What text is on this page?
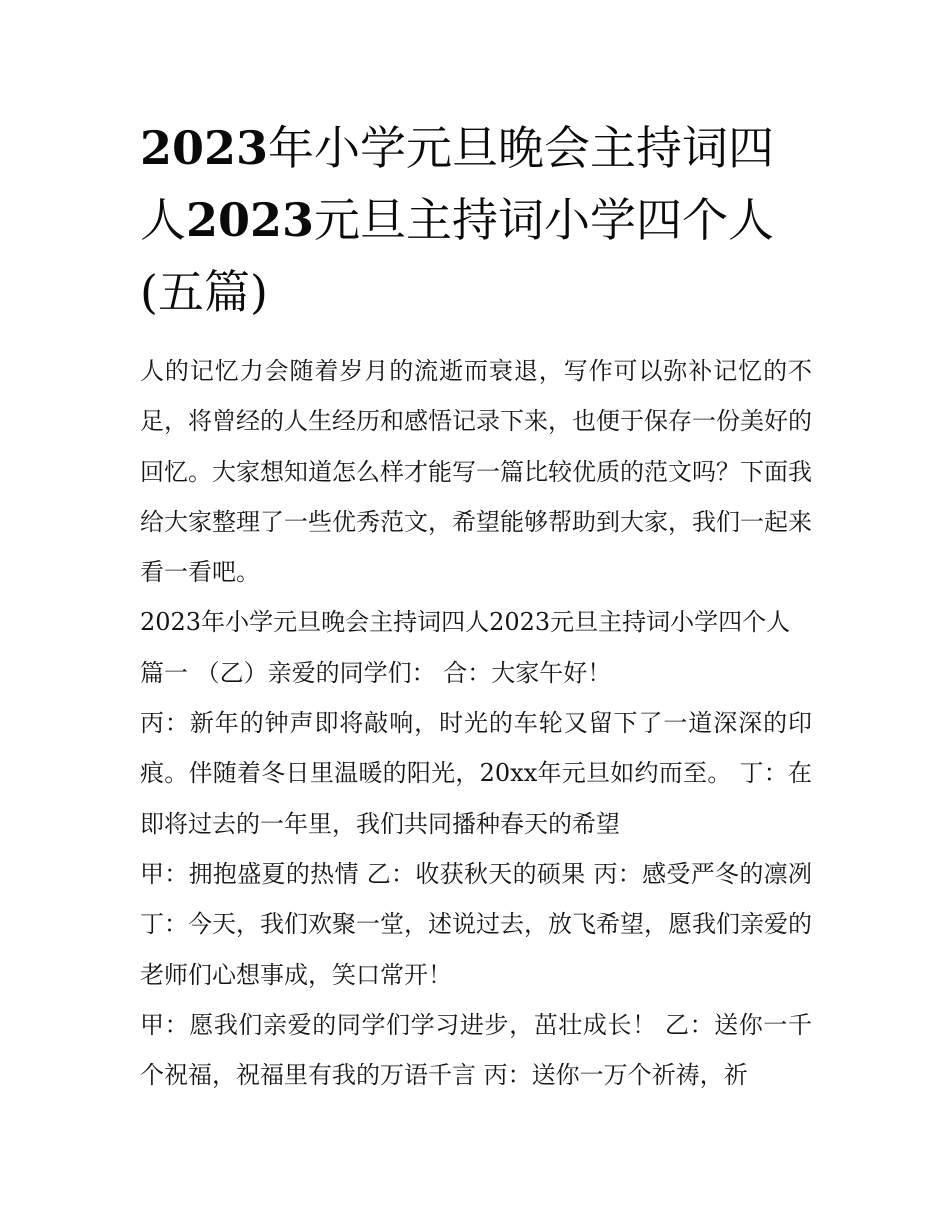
2023年小学元旦晚会主持词四人2023元旦主持词小学四个人(五篇)

人的记忆力会随着岁月的流逝而衰退，写作可以弥补记忆的不足，将曾经的人生经历和感悟记录下来，也便于保存一份美好的回忆。大家想知道怎么样才能写一篇比较优质的范文吗？下面我给大家整理了一些优秀范文，希望能够帮助到大家，我们一起来看一看吧。

2023年小学元旦晚会主持词四人2023元旦主持词小学四个人

篇一 （乙）亲爱的同学们： 合：大家午好！

丙：新年的钟声即将敲响，时光的车轮又留下了一道深深的印痕。伴随着冬日里温暖的阳光，20xx年元旦如约而至。 丁：在即将过去的一年里，我们共同播种春天的希望

甲：拥抱盛夏的热情 乙：收获秋天的硕果 丙：感受严冬的凛冽 丁：今天，我们欢聚一堂，述说过去，放飞希望，愿我们亲爱的老师们心想事成，笑口常开！

甲：愿我们亲爱的同学们学习进步，茁壮成长！ 乙：送你一千个祝福，祝福里有我的万语千言 丙：送你一万个祈祷，祈
